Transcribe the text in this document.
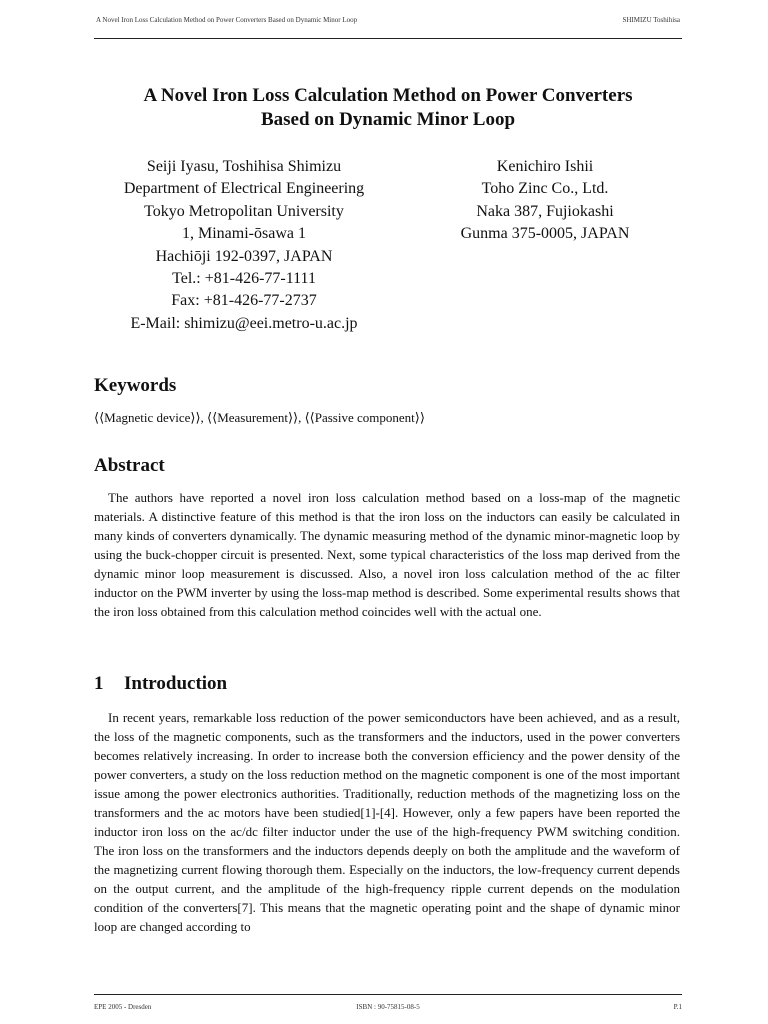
A Novel Iron Loss Calculation Method on Power Converters Based on Dynamic Minor Loop	SHIMIZU Toshihisa
A Novel Iron Loss Calculation Method on Power Converters
Based on Dynamic Minor Loop
Seiji Iyasu, Toshihisa Shimizu
Department of Electrical Engineering
Tokyo Metropolitan University
1, Minami-ōsawa 1
Hachiōji 192-0397, JAPAN
Tel.: +81-426-77-1111
Fax: +81-426-77-2737
E-Mail: shimizu@eei.metro-u.ac.jp
Kenichiro Ishii
Toho Zinc Co., Ltd.
Naka 387, Fujiokashi
Gunma 375-0005, JAPAN
Keywords
⟨⟨Magnetic device⟩⟩, ⟨⟨Measurement⟩⟩, ⟨⟨Passive component⟩⟩
Abstract

The authors have reported a novel iron loss calculation method based on a loss-map of the magnetic materials. A distinctive feature of this method is that the iron loss on the inductors can easily be calculated in many kinds of converters dynamically. The dynamic measuring method of the dynamic minor-magnetic loop by using the buck-chopper circuit is presented. Next, some typical characteristics of the loss map derived from the dynamic minor loop measurement is discussed. Also, a novel iron loss calculation method of the ac filter inductor on the PWM inverter by using the loss-map method is described. Some experimental results shows that the iron loss obtained from this calculation method coincides well with the actual one.

1 Introduction

In recent years, remarkable loss reduction of the power semiconductors have been achieved, and as a result, the loss of the magnetic components, such as the transformers and the inductors, used in the power converters becomes relatively increasing. In order to increase both the conversion efficiency and the power density of the power converters, a study on the loss reduction method on the magnetic component is one of the most important issue among the power electronics authorities. Traditionally, reduction methods of the magnetizing loss on the transformers and the ac motors have been studied[1]-[4]. However, only a few papers have been reported the inductor iron loss on the ac/dc filter inductor under the use of the high-frequency PWM switching condition. The iron loss on the transformers and the inductors depends deeply on both the amplitude and the waveform of the magnetizing current flowing thorough them. Especially on the inductors, the low-frequency current depends on the output current, and the amplitude of the high-frequency ripple current depends on the modulation condition of the converters[7]. This means that the magnetic operating point and the shape of dynamic minor loop are changed according to

EPE 2005 - Dresden	ISBN : 90-75815-08-5	P.1
